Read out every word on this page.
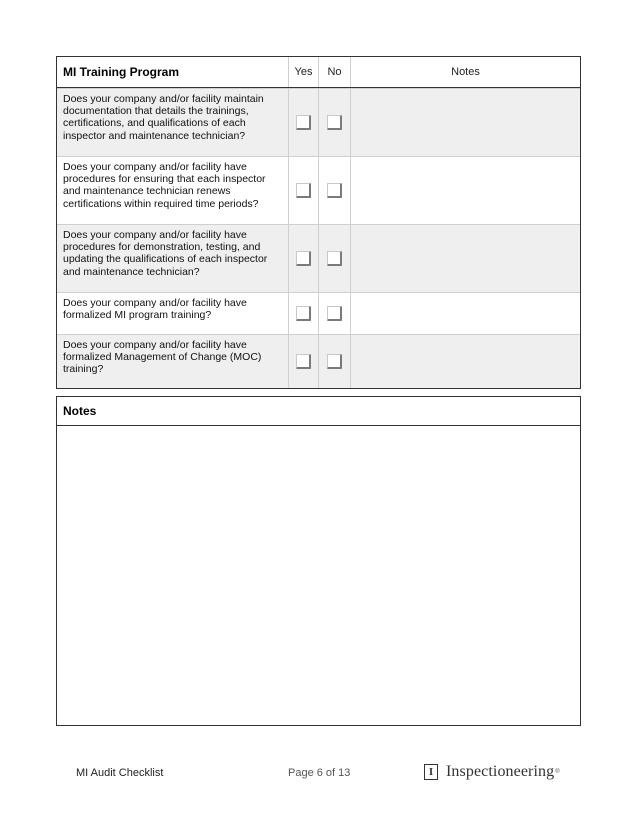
MI Training Program	Yes	No	Notes
Does your company and/or facility maintain documentation that details the trainings, certifications, and qualifications of each inspector and maintenance technician?
Does your company and/or facility have procedures for ensuring that each inspector and maintenance technician renews certifications within required time periods?
Does your company and/or facility have procedures for demonstration, testing, and updating the qualifications of each inspector and maintenance technician?
Does your company and/or facility have formalized MI program training?
Does your company and/or facility have formalized Management of Change (MOC) training?
Notes
MI Audit Checklist	Page 6 of 13	I Inspectioneering ®
